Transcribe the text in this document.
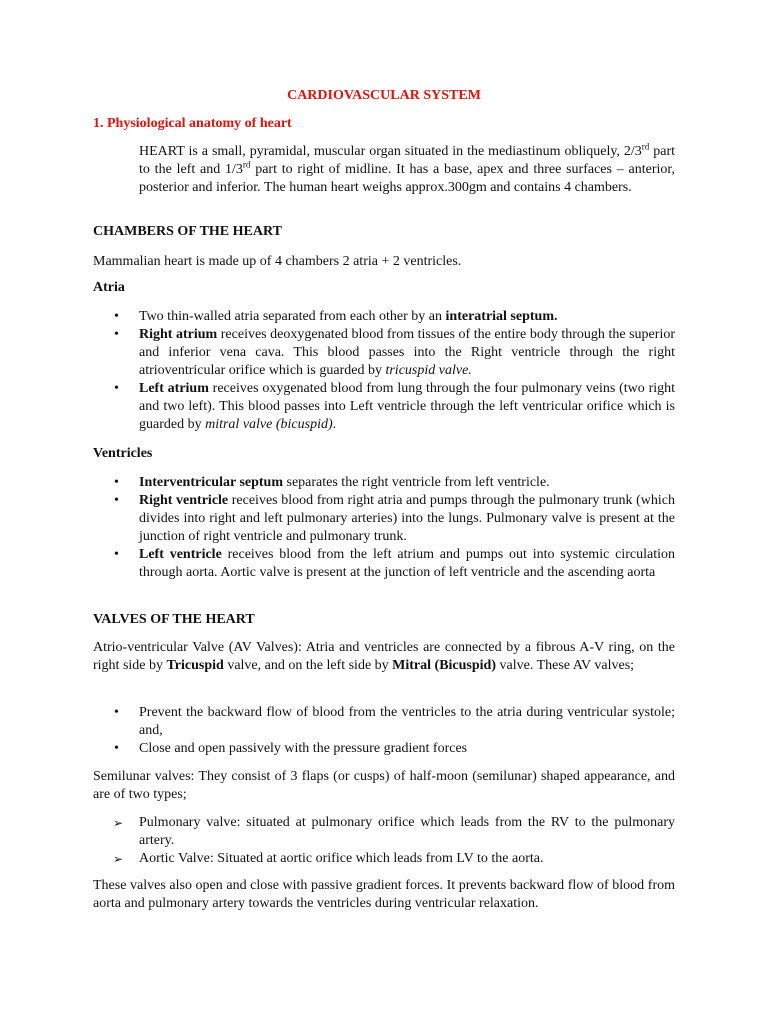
CARDIOVASCULAR SYSTEM
1. Physiological anatomy of heart
HEART is a small, pyramidal, muscular organ situated in the mediastinum obliquely, 2/3rd part to the left and 1/3rd part to right of midline. It has a base, apex and three surfaces – anterior, posterior and inferior. The human heart weighs approx.300gm and contains 4 chambers.
CHAMBERS OF THE HEART
Mammalian heart is made up of 4 chambers 2 atria + 2 ventricles.
Atria
• Two thin-walled atria separated from each other by an interatrial septum.
• Right atrium receives deoxygenated blood from tissues of the entire body through the superior and inferior vena cava. This blood passes into the Right ventricle through the right atrioventricular orifice which is guarded by tricuspid valve.
• Left atrium receives oxygenated blood from lung through the four pulmonary veins (two right and two left). This blood passes into Left ventricle through the left ventricular orifice which is guarded by mitral valve (bicuspid).
Ventricles
• Interventricular septum separates the right ventricle from left ventricle.
• Right ventricle receives blood from right atria and pumps through the pulmonary trunk (which divides into right and left pulmonary arteries) into the lungs. Pulmonary valve is present at the junction of right ventricle and pulmonary trunk.
• Left ventricle receives blood from the left atrium and pumps out into systemic circulation through aorta. Aortic valve is present at the junction of left ventricle and the ascending aorta
VALVES OF THE HEART
Atrio-ventricular Valve (AV Valves): Atria and ventricles are connected by a fibrous A-V ring, on the right side by Tricuspid valve, and on the left side by Mitral (Bicuspid) valve. These AV valves;
• Prevent the backward flow of blood from the ventricles to the atria during ventricular systole; and,
• Close and open passively with the pressure gradient forces
Semilunar valves: They consist of 3 flaps (or cusps) of half-moon (semilunar) shaped appearance, and are of two types;
➢ Pulmonary valve: situated at pulmonary orifice which leads from the RV to the pulmonary artery.
➢ Aortic Valve: Situated at aortic orifice which leads from LV to the aorta.
These valves also open and close with passive gradient forces. It prevents backward flow of blood from aorta and pulmonary artery towards the ventricles during ventricular relaxation.
